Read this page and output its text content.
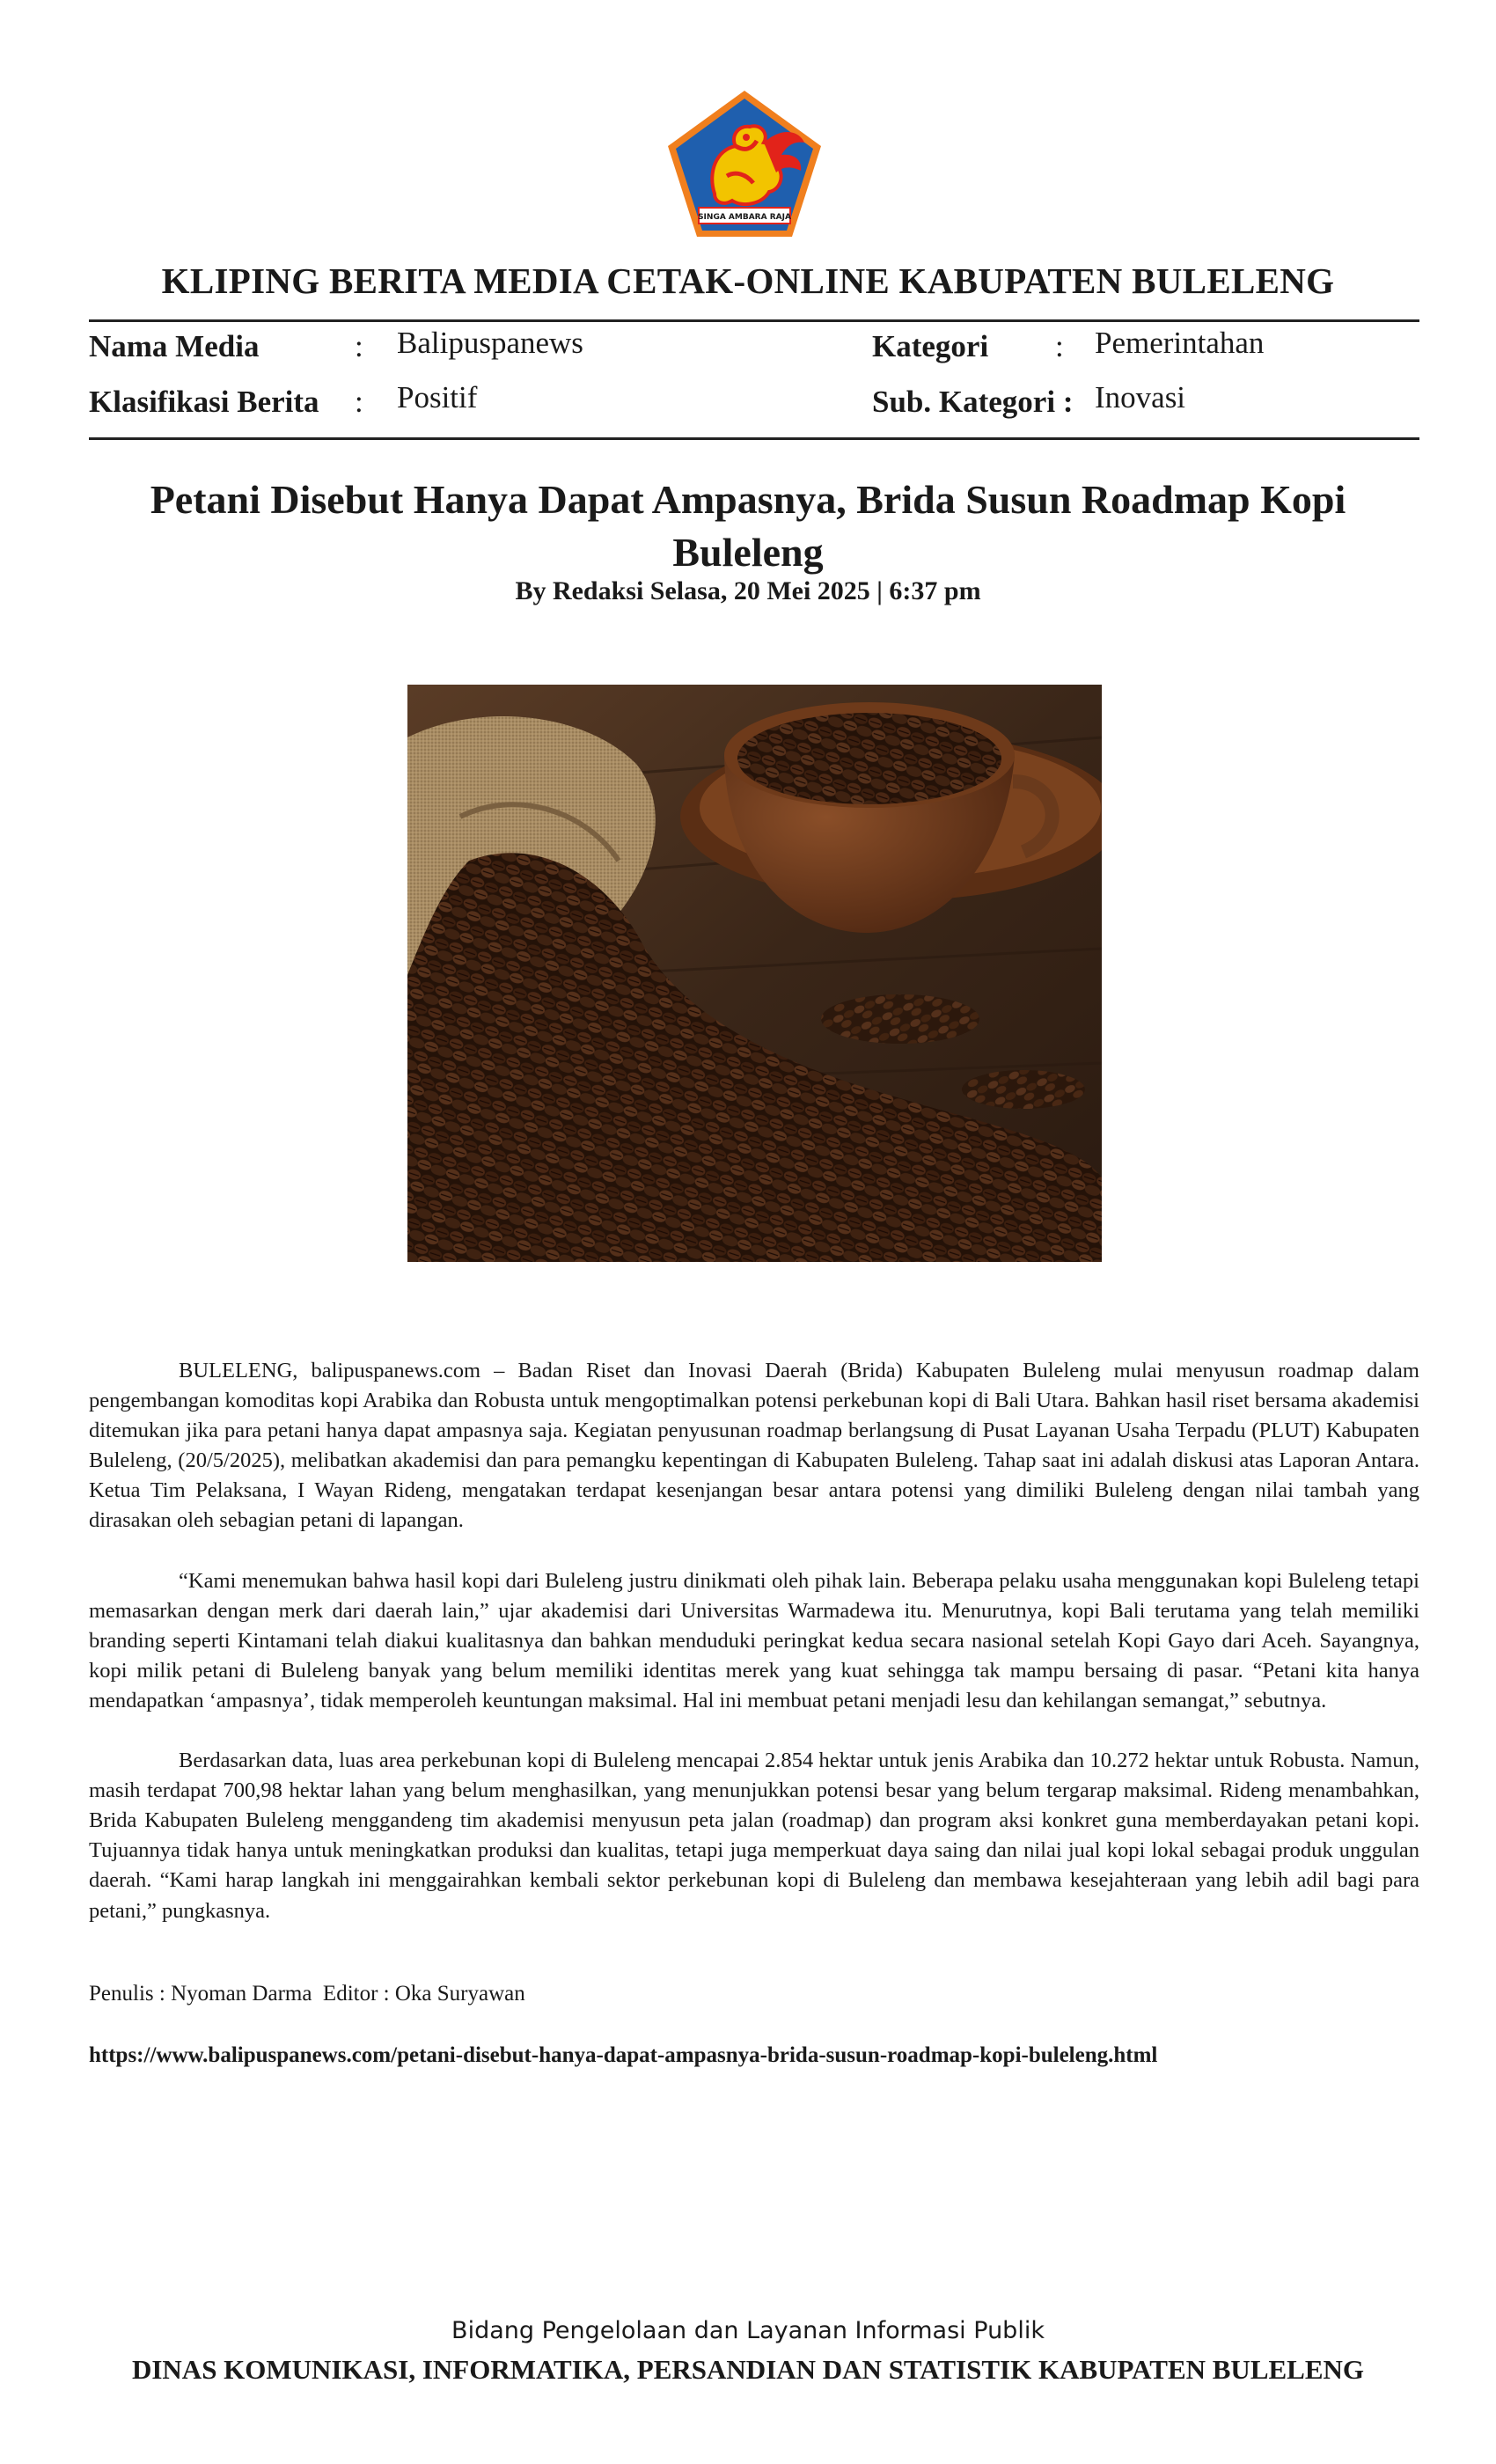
SINGA AMBARA RAJA
KLIPING BERITA MEDIA CETAK-ONLINE KABUPATEN BULELENG
Nama Media	: Balipuspanews
Klasifikasi Berita : Positif
Kategori : Pemerintahan
Sub. Kategori : Inovasi
Petani Disebut Hanya Dapat Ampasnya, Brida Susun Roadmap Kopi Buleleng
By Redaksi Selasa, 20 Mei 2025 | 6:37 pm

BULELENG, balipuspanews.com – Badan Riset dan Inovasi Daerah (Brida) Kabupaten Buleleng mulai menyusun roadmap dalam pengembangan komoditas kopi Arabika dan Robusta untuk mengoptimalkan potensi perkebunan kopi di Bali Utara. Bahkan hasil riset bersama akademisi ditemukan jika para petani hanya dapat ampasnya saja. Kegiatan penyusunan roadmap berlangsung di Pusat Layanan Usaha Terpadu (PLUT) Kabupaten Buleleng, (20/5/2025), melibatkan akademisi dan para pemangku kepentingan di Kabupaten Buleleng. Tahap saat ini adalah diskusi atas Laporan Antara. Ketua Tim Pelaksana, I Wayan Rideng, mengatakan terdapat kesenjangan besar antara potensi yang dimiliki Buleleng dengan nilai tambah yang dirasakan oleh sebagian petani di lapangan.

“Kami menemukan bahwa hasil kopi dari Buleleng justru dinikmati oleh pihak lain. Beberapa pelaku usaha menggunakan kopi Buleleng tetapi memasarkan dengan merk dari daerah lain,” ujar akademisi dari Universitas Warmadewa itu. Menurutnya, kopi Bali terutama yang telah memiliki branding seperti Kintamani telah diakui kualitasnya dan bahkan menduduki peringkat kedua secara nasional setelah Kopi Gayo dari Aceh. Sayangnya, kopi milik petani di Buleleng banyak yang belum memiliki identitas merek yang kuat sehingga tak mampu bersaing di pasar. “Petani kita hanya mendapatkan ‘ampasnya’, tidak memperoleh keuntungan maksimal. Hal ini membuat petani menjadi lesu dan kehilangan semangat,” sebutnya.

Berdasarkan data, luas area perkebunan kopi di Buleleng mencapai 2.854 hektar untuk jenis Arabika dan 10.272 hektar untuk Robusta. Namun, masih terdapat 700,98 hektar lahan yang belum menghasilkan, yang menunjukkan potensi besar yang belum tergarap maksimal. Rideng menambahkan, Brida Kabupaten Buleleng menggandeng tim akademisi menyusun peta jalan (roadmap) dan program aksi konkret guna memberdayakan petani kopi. Tujuannya tidak hanya untuk meningkatkan produksi dan kualitas, tetapi juga memperkuat daya saing dan nilai jual kopi lokal sebagai produk unggulan daerah. “Kami harap langkah ini menggairahkan kembali sektor perkebunan kopi di Buleleng dan membawa kesejahteraan yang lebih adil bagi para petani,” pungkasnya.

Penulis : Nyoman Darma  Editor : Oka Suryawan
https://www.balipuspanews.com/petani-disebut-hanya-dapat-ampasnya-brida-susun-roadmap-kopi-buleleng.html
Bidang Pengelolaan dan Layanan Informasi Publik
DINAS KOMUNIKASI, INFORMATIKA, PERSANDIAN DAN STATISTIK KABUPATEN BULELENG
